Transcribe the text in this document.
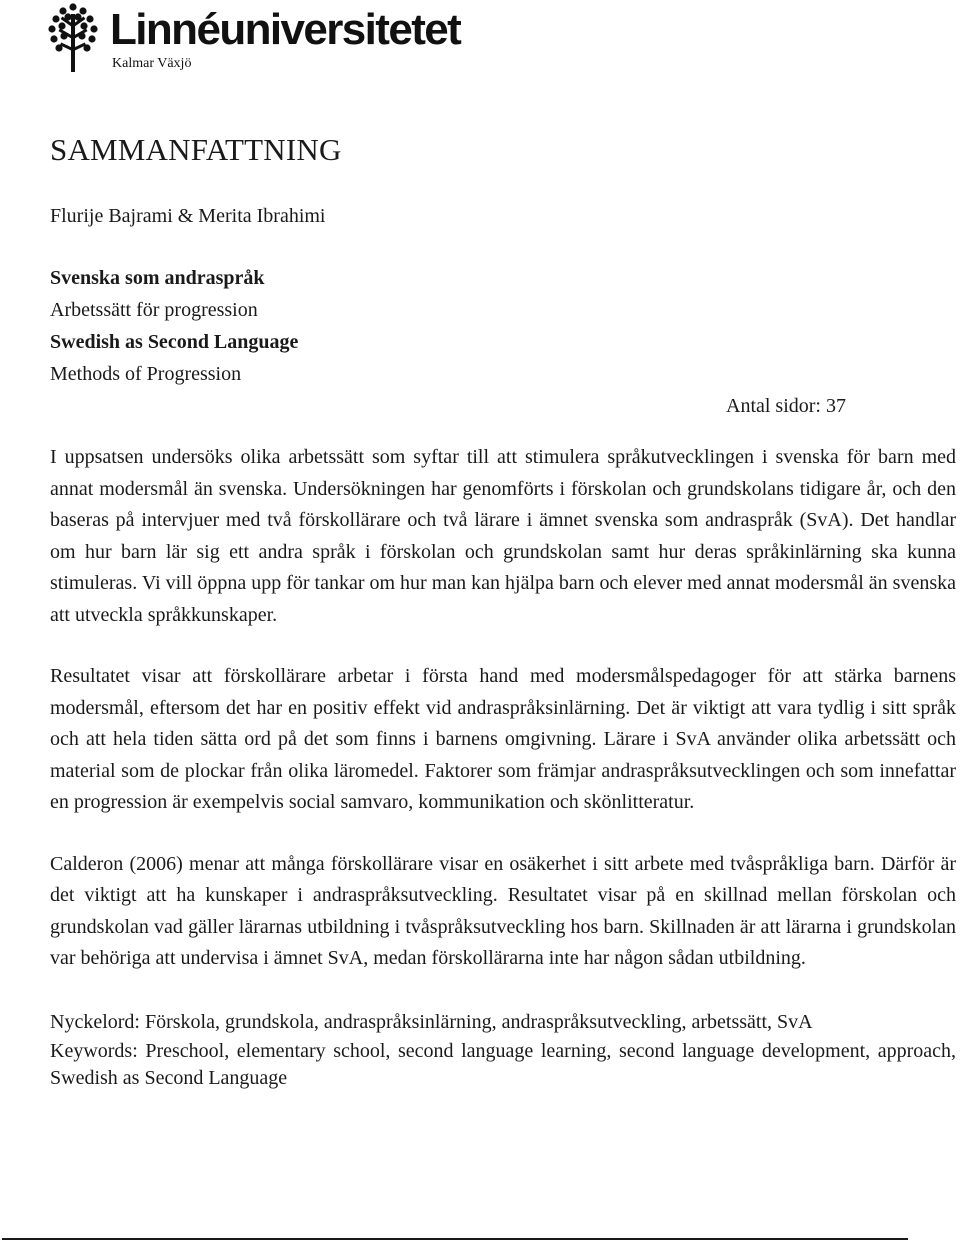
Linnéuniversitetet
Kalmar Växjö
SAMMANFATTNING
Flurije Bajrami & Merita Ibrahimi
Svenska som andraspråk
Arbetssätt för progression
Swedish as Second Language
Methods of Progression
Antal sidor: 37

I uppsatsen undersöks olika arbetssätt som syftar till att stimulera språkutvecklingen i svenska för barn med annat modersmål än svenska. Undersökningen har genomförts i förskolan och grundskolans tidigare år, och den baseras på intervjuer med två förskollärare och två lärare i ämnet svenska som andraspråk (SvA). Det handlar om hur barn lär sig ett andra språk i förskolan och grundskolan samt hur deras språkinlärning ska kunna stimuleras. Vi vill öppna upp för tankar om hur man kan hjälpa barn och elever med annat modersmål än svenska att utveckla språkkunskaper.

Resultatet visar att förskollärare arbetar i första hand med modersmålspedagoger för att stärka barnens modersmål, eftersom det har en positiv effekt vid andraspråksinlärning. Det är viktigt att vara tydlig i sitt språk och att hela tiden sätta ord på det som finns i barnens omgivning. Lärare i SvA använder olika arbetssätt och material som de plockar från olika läromedel. Faktorer som främjar andraspråksutvecklingen och som innefattar en progression är exempelvis social samvaro, kommunikation och skönlitteratur.

Calderon (2006) menar att många förskollärare visar en osäkerhet i sitt arbete med tvåspråkliga barn. Därför är det viktigt att ha kunskaper i andraspråksutveckling. Resultatet visar på en skillnad mellan förskolan och grundskolan vad gäller lärarnas utbildning i tvåspråksutveckling hos barn. Skillnaden är att lärarna i grundskolan var behöriga att undervisa i ämnet SvA, medan förskollärarna inte har någon sådan utbildning.

Nyckelord: Förskola, grundskola, andraspråksinlärning, andraspråksutveckling, arbetssätt, SvA

Keywords: Preschool, elementary school, second language learning, second language development, approach, Swedish as Second Language
